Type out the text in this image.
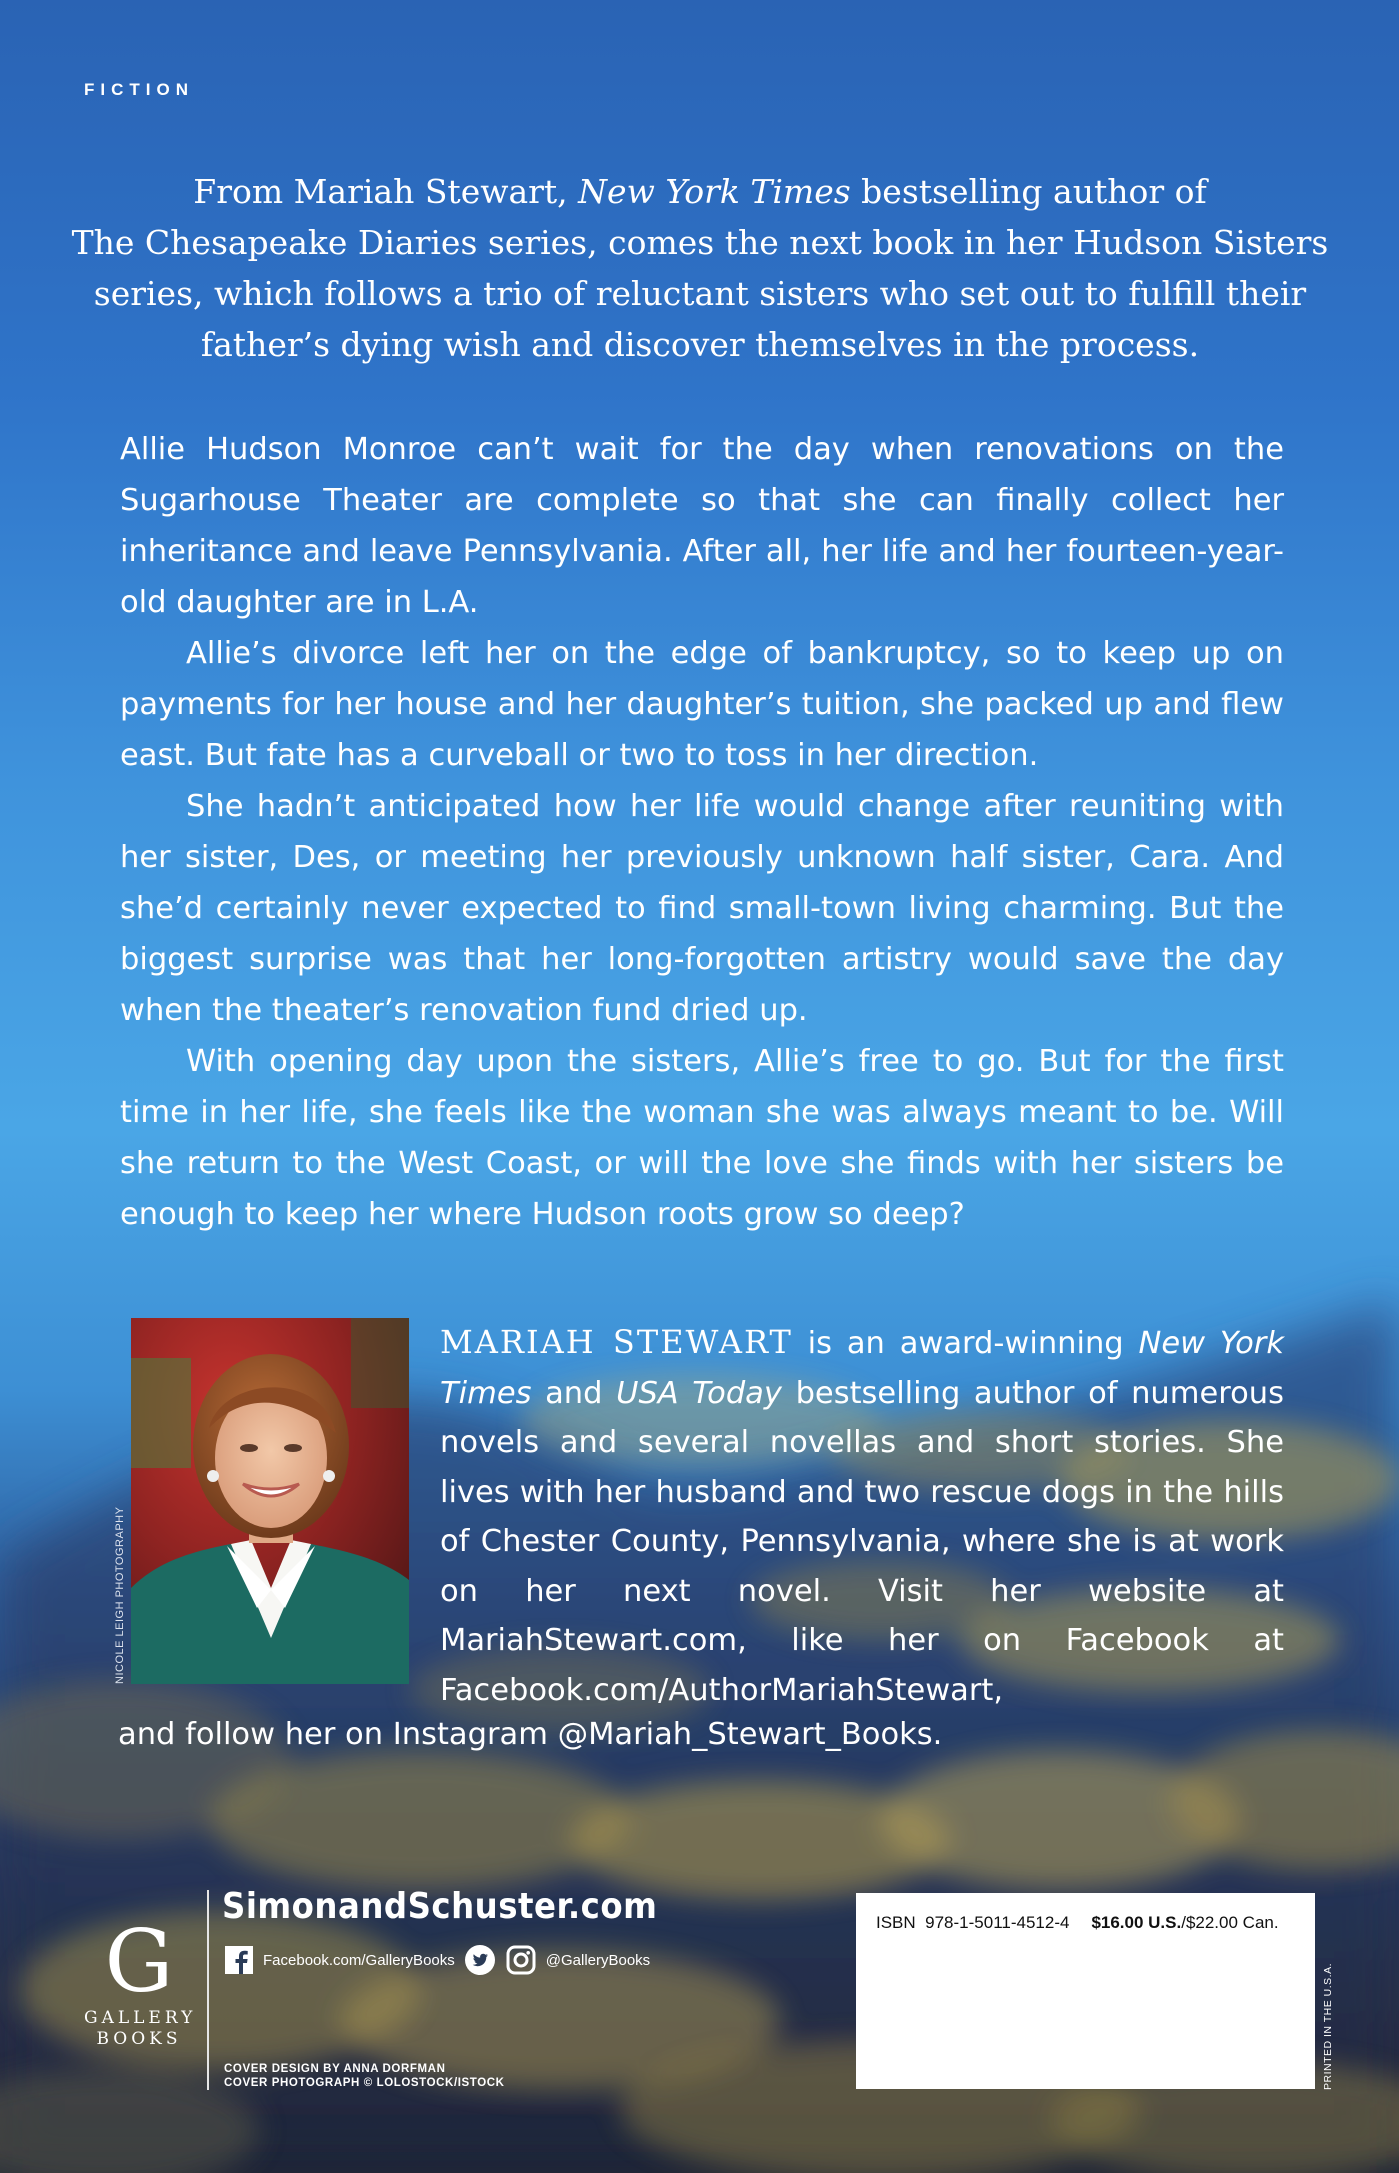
FICTION
From Mariah Stewart, New York Times bestselling author of
The Chesapeake Diaries series, comes the next book in her Hudson Sisters
series, which follows a trio of reluctant sisters who set out to fulfill their
father’s dying wish and discover themselves in the process.

Allie Hudson Monroe can’t wait for the day when renovations on the Sugarhouse Theater are complete so that she can finally collect her inheritance and leave Pennsylvania. After all, her life and her fourteen-year-old daughter are in L.A.

Allie’s divorce left her on the edge of bankruptcy, so to keep up on payments for her house and her daughter’s tuition, she packed up and flew east. But fate has a curveball or two to toss in her direction.

She hadn’t anticipated how her life would change after reuniting with her sister, Des, or meeting her previously unknown half sister, Cara. And she’d certainly never expected to find small-town living charming. But the biggest surprise was that her long-forgotten artistry would save the day when the theater’s renovation fund dried up.

With opening day upon the sisters, Allie’s free to go. But for the first time in her life, she feels like the woman she was always meant to be. Will she return to the West Coast, or will the love she finds with her sisters be enough to keep her where Hudson roots grow so deep?

NICOLE LEIGH PHOTOGRAPHY
MARIAH STEWART is an award-winning New York Times and USA Today bestselling author of numerous novels and several novellas and short stories. She lives with her husband and two rescue dogs in the hills of Chester County, Pennsylvania, where she is at work on her next novel. Visit her website at MariahStewart.com, like her on Facebook at Facebook.com/AuthorMariahStewart,
and follow her on Instagram @Mariah_Stewart_Books.
G
GALLERY
BOOKS
SimonandSchuster.com
Facebook.com/GalleryBooks	@GalleryBooks
COVER DESIGN BY ANNA DORFMAN
COVER PHOTOGRAPH © LOLOSTOCK/ISTOCK
ISBN 978-1-5011-4512-4 $16.00 U.S./$22.00 Can.
PRINTED IN THE U.S.A.
